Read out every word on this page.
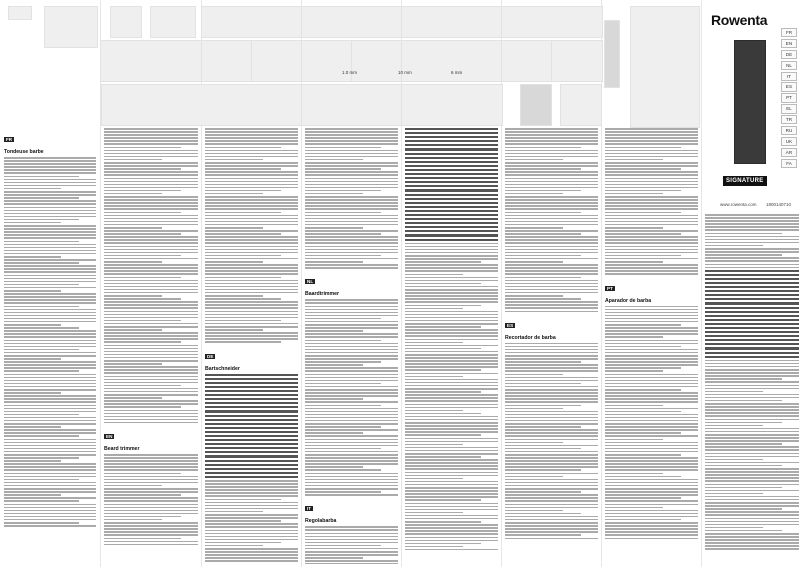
1.0 mm	10 mm	6 mm
Rowenta
FR
EN
DE
NL
IT
ES
PT
EL
TR
RU
UK
AR
FA
SIGNATURE
www.rowenta.com 1800140710
FR
Tondeuse barbe
EN
Beard trimmer
DE
Bartschneider
NL
Baardtrimmer
IT
Regolabarba
ES
Recortador de barba
PT
Aparador de barba
